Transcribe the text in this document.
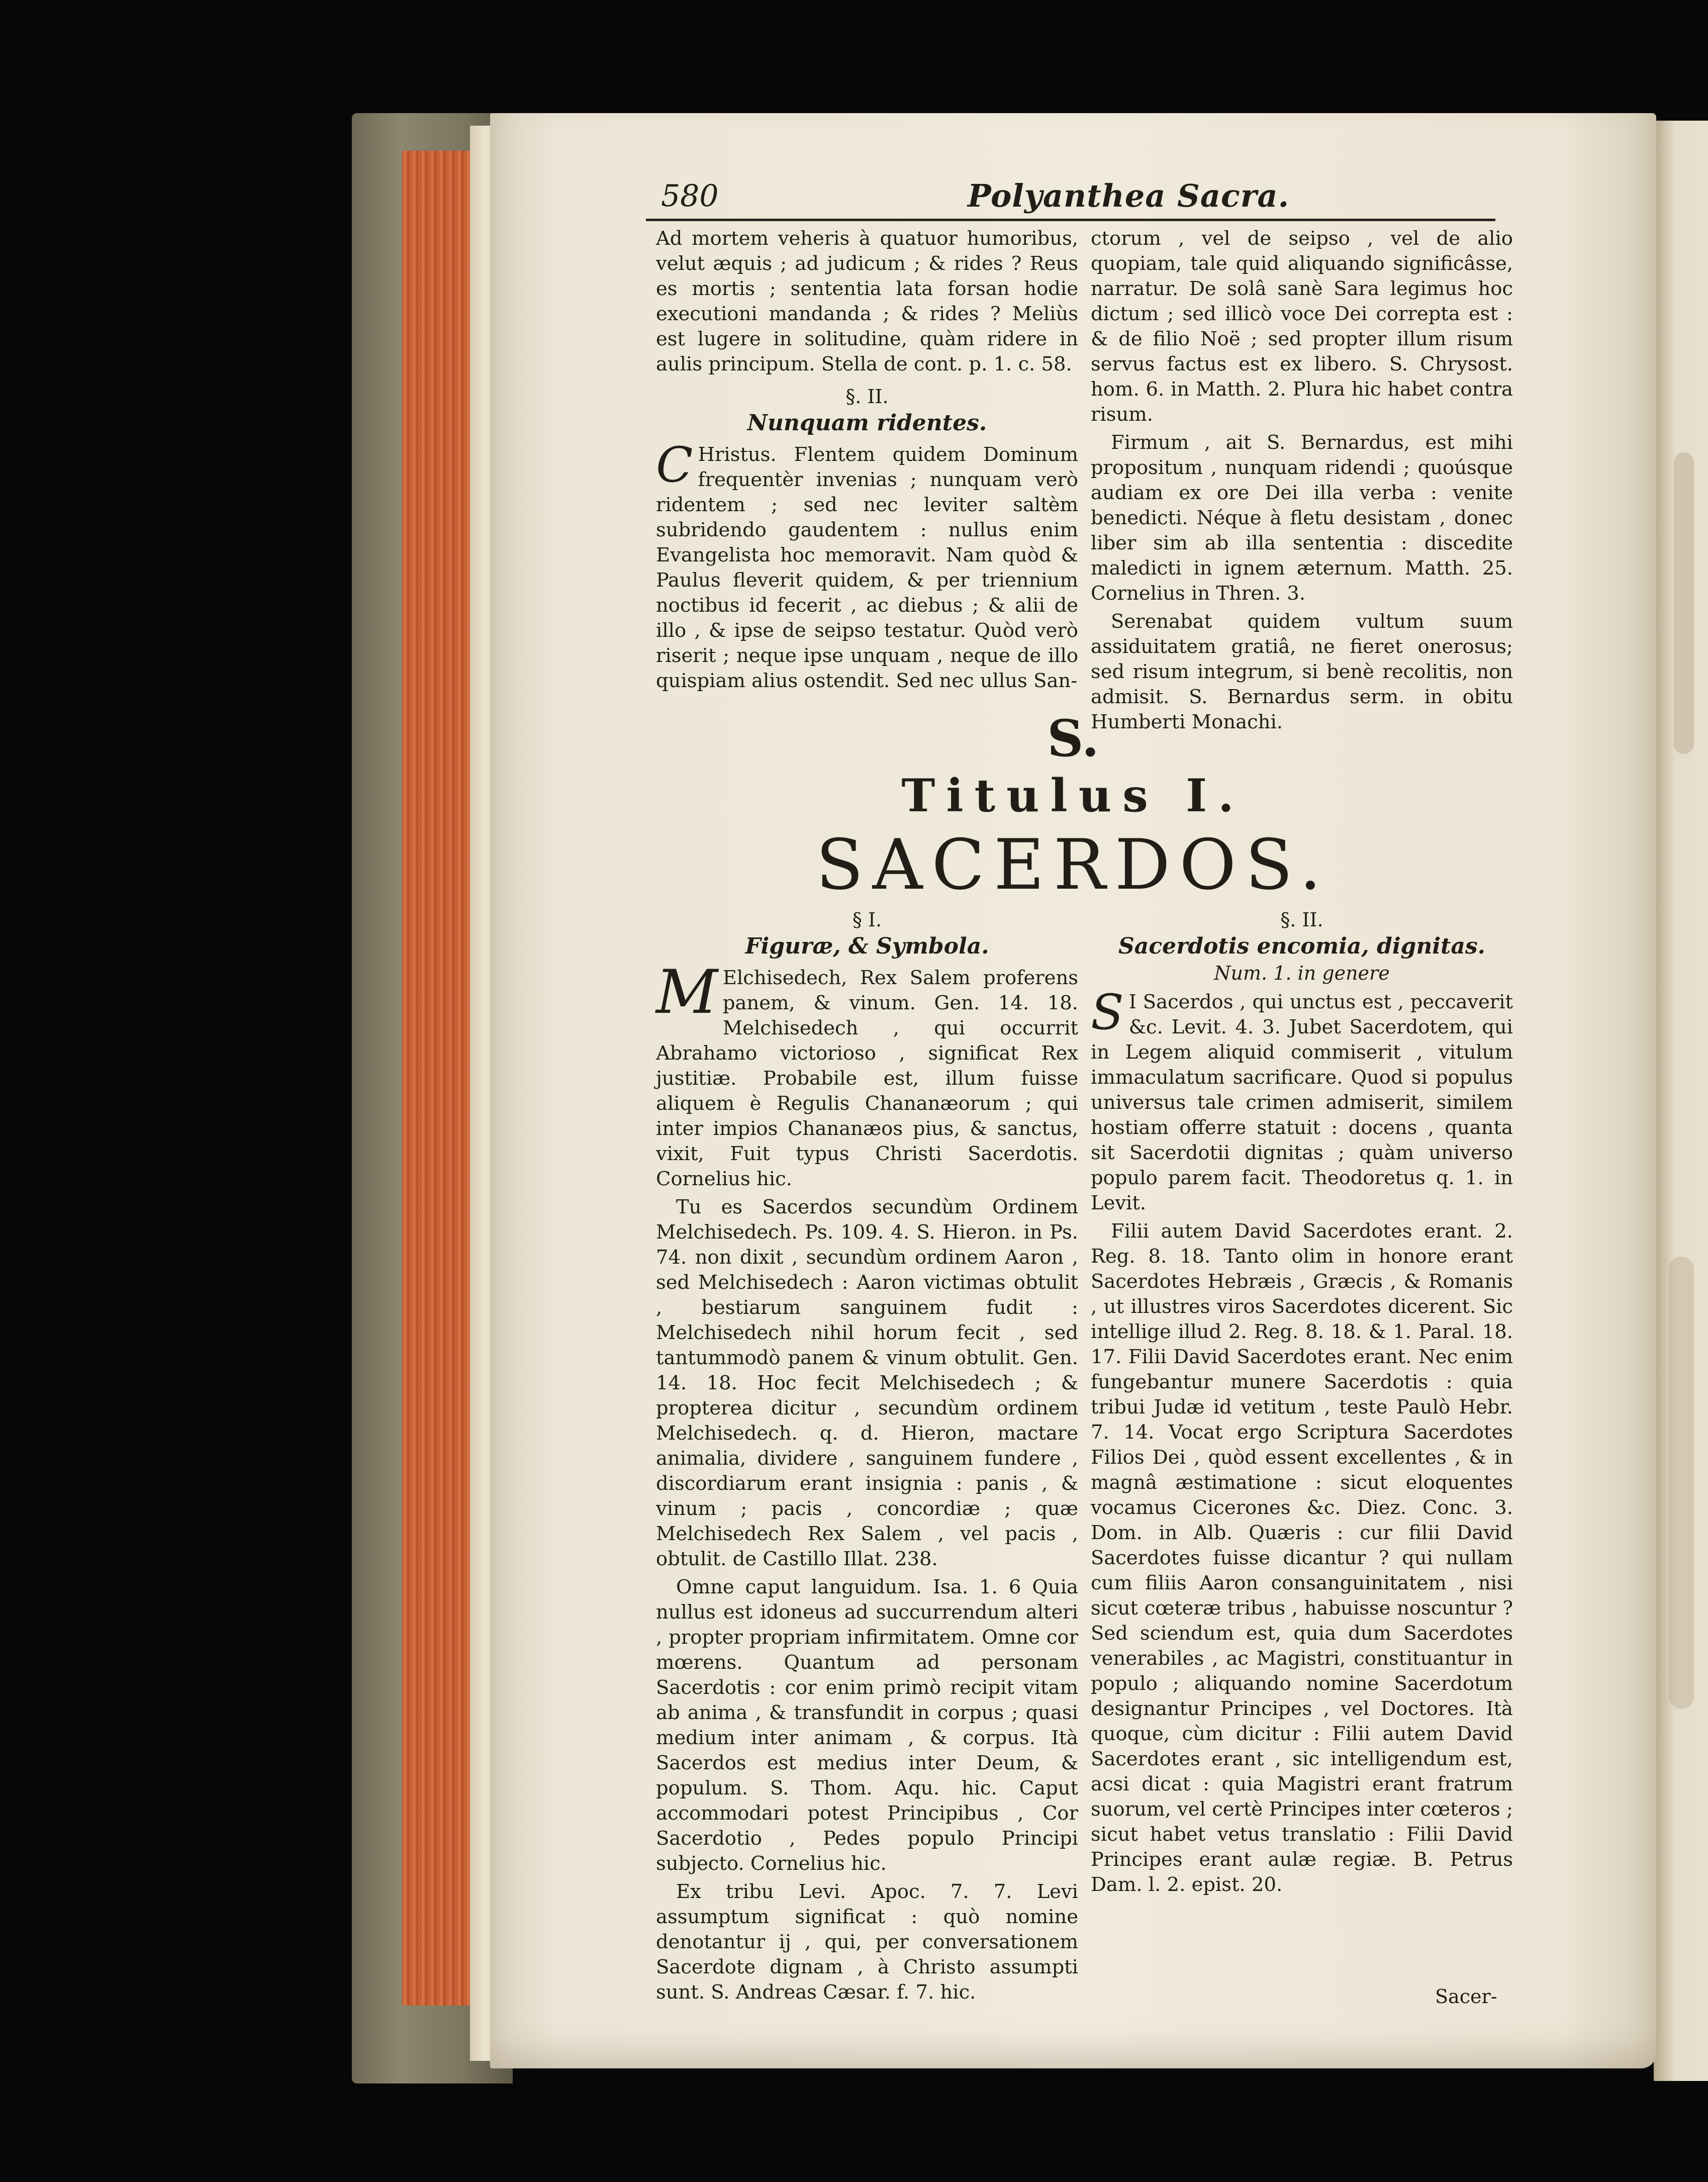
580	Polyanthea Sacra.

Ad mortem veheris à quatuor humoribus, velut æquis ; ad judicum ; & rides ? Reus es mortis ; sententia lata forsan hodie executioni mandanda ; & rides ? Meliùs est lugere in solitudine, quàm ridere in aulis principum. Stella de cont. p. 1. c. 58.

§. II.
Nunquam ridentes.

C Hristus. Flentem quidem Dominum frequentèr invenias ; nunquam verò ridentem ; sed nec leviter saltèm subridendo gaudentem : nullus enim Evangelista hoc memoravit. Nam quòd & Paulus fleverit quidem, & per triennium noctibus id fecerit , ac diebus ; & alii de illo , & ipse de seipso testatur. Quòd verò riserit ; neque ipse unquam , neque de illo quispiam alius ostendit. Sed nec ullus San-

ctorum , vel de seipso , vel de alio quopiam, tale quid aliquando significâsse, narratur. De solâ sanè Sara legimus hoc dictum ; sed illicò voce Dei correpta est : & de filio Noë ; sed propter illum risum servus factus est ex libero. S. Chrysost. hom. 6. in Matth. 2. Plura hic habet contra risum.

Firmum , ait S. Bernardus, est mihi propositum , nunquam ridendi ; quoúsque audiam ex ore Dei illa verba : venite benedicti. Néque à fletu desistam , donec liber sim ab illa sententia : discedite maledicti in ignem æternum. Matth. 25. Cornelius in Thren. 3.

Serenabat quidem vultum suum assiduitatem gratiâ, ne fieret onerosus; sed risum integrum, si benè recolitis, non admisit. S. Bernardus serm. in obitu Humberti Monachi.

S.
Titulus I.
SACERDOS.
§ I.
Figuræ, & Symbola.

M Elchisedech, Rex Salem proferens panem, & vinum. Gen. 14. 18. Melchisedech , qui occurrit Abrahamo victorioso , significat Rex justitiæ. Probabile est, illum fuisse aliquem è Regulis Chananæorum ; qui inter impios Chananæos pius, & sanctus, vixit, Fuit typus Christi Sacerdotis. Cornelius hic.

Tu es Sacerdos secundùm Ordinem Melchisedech. Ps. 109. 4. S. Hieron. in Ps. 74. non dixit , secundùm ordinem Aaron , sed Melchisedech : Aaron victimas obtulit , bestiarum sanguinem fudit : Melchisedech nihil horum fecit , sed tantummodò panem & vinum obtulit. Gen. 14. 18. Hoc fecit Melchisedech ; & propterea dicitur , secundùm ordinem Melchisedech. q. d. Hieron, mactare animalia, dividere , sanguinem fundere , discordiarum erant insignia : panis , & vinum ; pacis , concordiæ ; quæ Melchisedech Rex Salem , vel pacis , obtulit. de Castillo Illat. 238.

Omne caput languidum. Isa. 1. 6 Quia nullus est idoneus ad succurrendum alteri , propter propriam infirmitatem. Omne cor mœrens. Quantum ad personam Sacerdotis : cor enim primò recipit vitam ab anima , & transfundit in corpus ; quasi medium inter animam , & corpus. Ità Sacerdos est medius inter Deum, & populum. S. Thom. Aqu. hic. Caput accommodari potest Principibus , Cor Sacerdotio , Pedes populo Principi subjecto. Cornelius hic.

Ex tribu Levi. Apoc. 7. 7. Levi assumptum significat : quò nomine denotantur ij , qui, per conversationem Sacerdote dignam , à Christo assumpti sunt. S. Andreas Cæsar. f. 7. hic.

§. II.
Sacerdotis encomia, dignitas.
Num. 1. in genere

S I Sacerdos , qui unctus est , peccaverit &c. Levit. 4. 3. Jubet Sacerdotem, qui in Legem aliquid commiserit , vitulum immaculatum sacrificare. Quod si populus universus tale crimen admiserit, similem hostiam offerre statuit : docens , quanta sit Sacerdotii dignitas ; quàm universo populo parem facit. Theodoretus q. 1. in Levit.

Filii autem David Sacerdotes erant. 2. Reg. 8. 18. Tanto olim in honore erant Sacerdotes Hebræis , Græcis , & Romanis , ut illustres viros Sacerdotes dicerent. Sic intellige illud 2. Reg. 8. 18. & 1. Paral. 18. 17. Filii David Sacerdotes erant. Nec enim fungebantur munere Sacerdotis : quia tribui Judæ id vetitum , teste Paulò Hebr. 7. 14. Vocat ergo Scriptura Sacerdotes Filios Dei , quòd essent excellentes , & in magnâ æstimatione : sicut eloquentes vocamus Cicerones &c. Diez. Conc. 3. Dom. in Alb. Quæris : cur filii David Sacerdotes fuisse dicantur ? qui nullam cum filiis Aaron consanguinitatem , nisi sicut cœteræ tribus , habuisse noscuntur ? Sed sciendum est, quia dum Sacerdotes venerabiles , ac Magistri, constituantur in populo ; aliquando nomine Sacerdotum designantur Principes , vel Doctores. Ità quoque, cùm dicitur : Filii autem David Sacerdotes erant , sic intelligendum est, acsi dicat : quia Magistri erant fratrum suorum, vel certè Principes inter cœteros ; sicut habet vetus translatio : Filii David Principes erant aulæ regiæ. B. Petrus Dam. l. 2. epist. 20.

Sacer-
